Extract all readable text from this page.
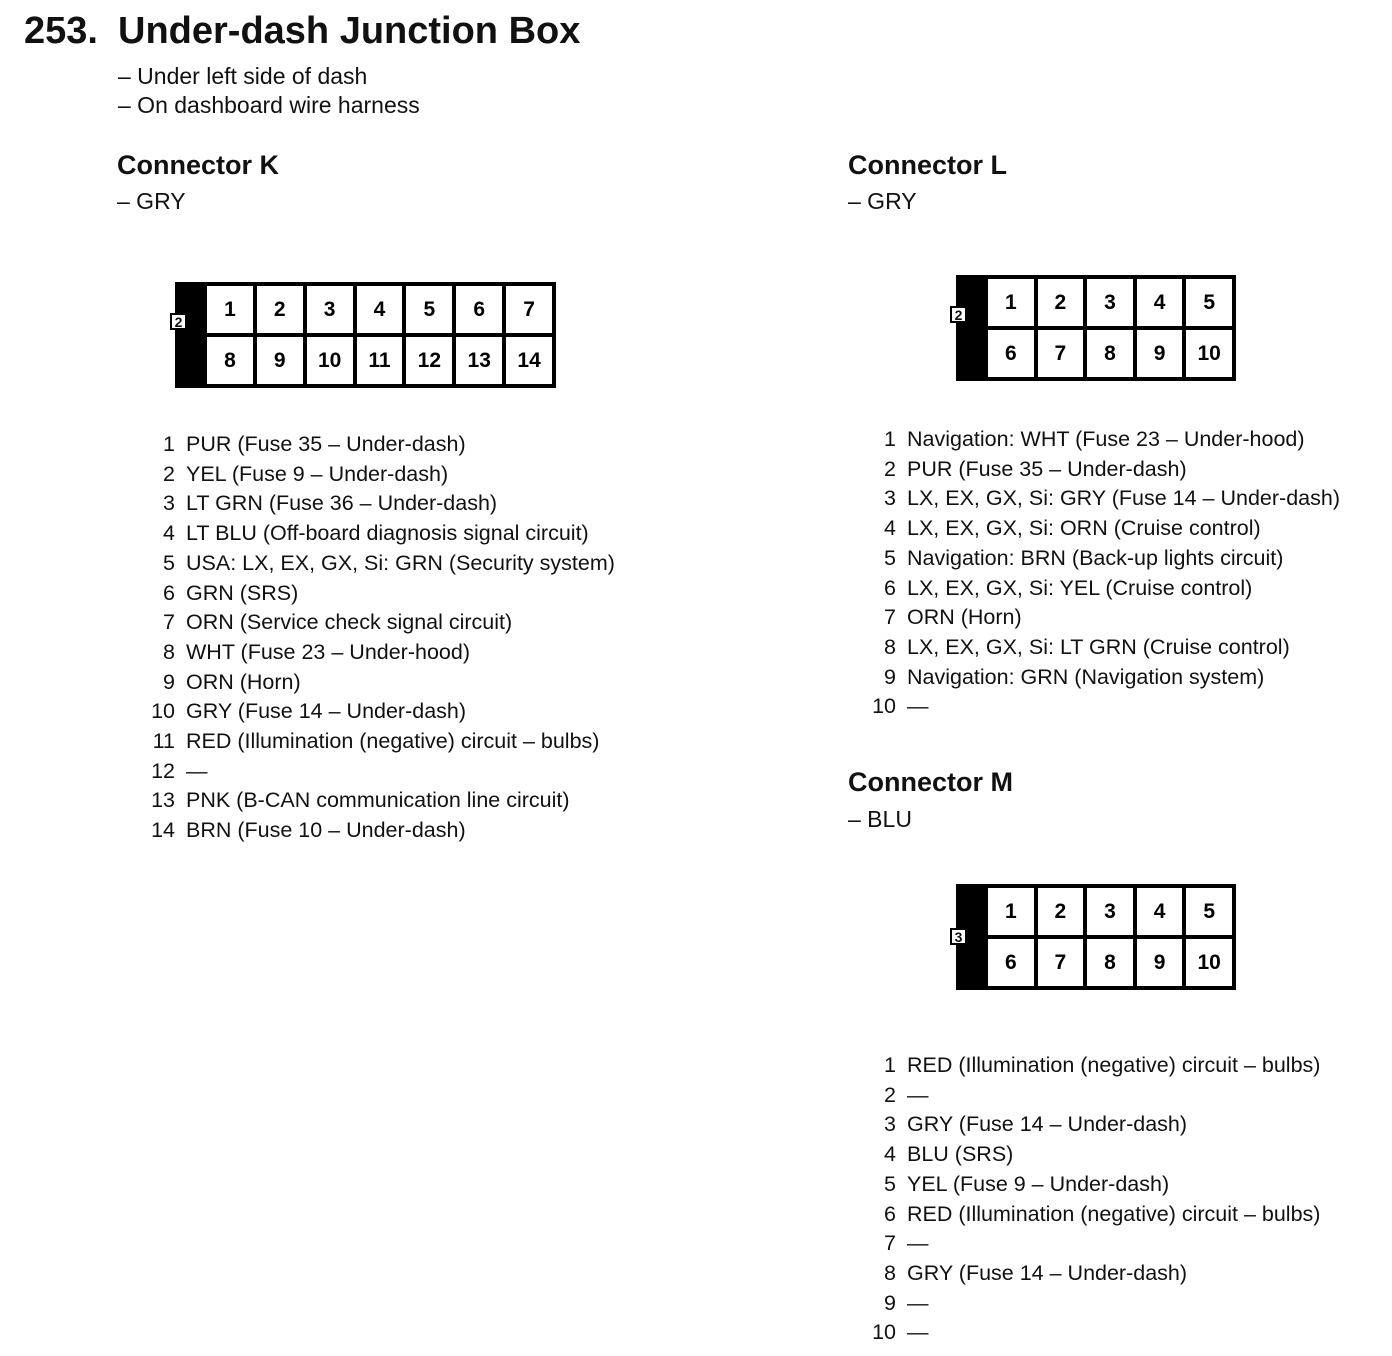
253. Under-dash Junction Box
– Under left side of dash
– On dashboard wire harness
Connector K
– GRY
2
1	2	3	4	5	6	7
8	9	10	11	12	13	14
1 PUR (Fuse 35 – Under-dash)
2 YEL (Fuse 9 – Under-dash)
3 LT GRN (Fuse 36 – Under-dash)
4 LT BLU (Off-board diagnosis signal circuit)
5 USA: LX, EX, GX, Si: GRN (Security system)
6 GRN (SRS)
7 ORN (Service check signal circuit)
8 WHT (Fuse 23 – Under-hood)
9 ORN (Horn)
10 GRY (Fuse 14 – Under-dash)
11 RED (Illumination (negative) circuit – bulbs)
12 —
13 PNK (B-CAN communication line circuit)
14 BRN (Fuse 10 – Under-dash)
Connector L
– GRY
2
1	2	3	4	5
6	7	8	9	10
1 Navigation: WHT (Fuse 23 – Under-hood)
2 PUR (Fuse 35 – Under-dash)
3 LX, EX, GX, Si: GRY (Fuse 14 – Under-dash)
4 LX, EX, GX, Si: ORN (Cruise control)
5 Navigation: BRN (Back-up lights circuit)
6 LX, EX, GX, Si: YEL (Cruise control)
7 ORN (Horn)
8 LX, EX, GX, Si: LT GRN (Cruise control)
9 Navigation: GRN (Navigation system)
10 —
Connector M
– BLU
3
1	2	3	4	5
6	7	8	9	10
1 RED (Illumination (negative) circuit – bulbs)
2 —
3 GRY (Fuse 14 – Under-dash)
4 BLU (SRS)
5 YEL (Fuse 9 – Under-dash)
6 RED (Illumination (negative) circuit – bulbs)
7 —
8 GRY (Fuse 14 – Under-dash)
9 —
10 —
